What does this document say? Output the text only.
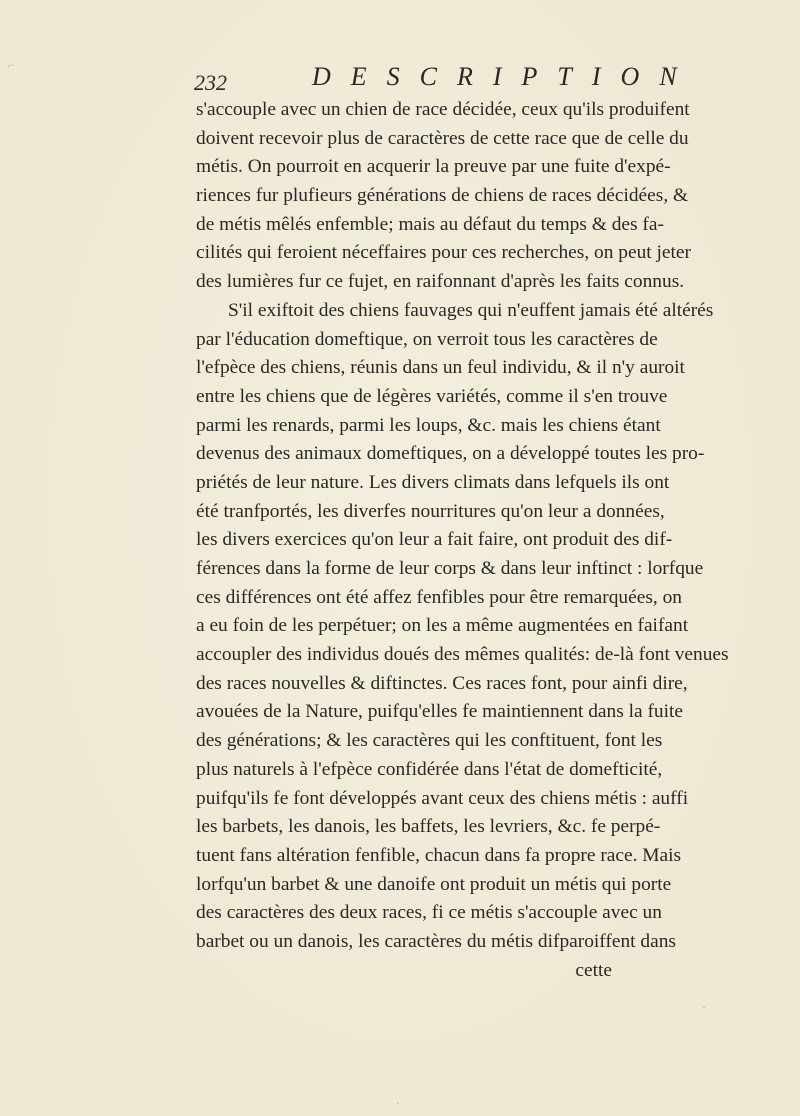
232	DESCRIPTION
s'accouple avec un chien de race décidée, ceux qu'ils produifent
doivent recevoir plus de caractères de cette race que de celle du
métis. On pourroit en acquerir la preuve par une fuite d'expé-
riences fur plufieurs générations de chiens de races décidées, &
de métis mêlés enfemble; mais au défaut du temps & des fa-
cilités qui feroient néceffaires pour ces recherches, on peut jeter
des lumières fur ce fujet, en raifonnant d'après les faits connus.
S'il exiftoit des chiens fauvages qui n'euffent jamais été altérés
par l'éducation domeftique, on verroit tous les caractères de
l'efpèce des chiens, réunis dans un feul individu, & il n'y auroit
entre les chiens que de légères variétés, comme il s'en trouve
parmi les renards, parmi les loups, &c. mais les chiens étant
devenus des animaux domeftiques, on a développé toutes les pro-
priétés de leur nature. Les divers climats dans lefquels ils ont
été tranfportés, les diverfes nourritures qu'on leur a données,
les divers exercices qu'on leur a fait faire, ont produit des dif-
férences dans la forme de leur corps & dans leur inftinct : lorfque
ces différences ont été affez fenfibles pour être remarquées, on
a eu foin de les perpétuer; on les a même augmentées en faifant
accoupler des individus doués des mêmes qualités: de-là font venues
des races nouvelles & diftinctes. Ces races font, pour ainfi dire,
avouées de la Nature, puifqu'elles fe maintiennent dans la fuite
des générations; & les caractères qui les conftituent, font les
plus naturels à l'efpèce confidérée dans l'état de domefticité,
puifqu'ils fe font développés avant ceux des chiens métis : auffi
les barbets, les danois, les baffets, les levriers, &c. fe perpé-
tuent fans altération fenfible, chacun dans fa propre race. Mais
lorfqu'un barbet & une danoife ont produit un métis qui porte
des caractères des deux races, fi ce métis s'accouple avec un
barbet ou un danois, les caractères du métis difparoiffent dans
cette
⌐
·
·
